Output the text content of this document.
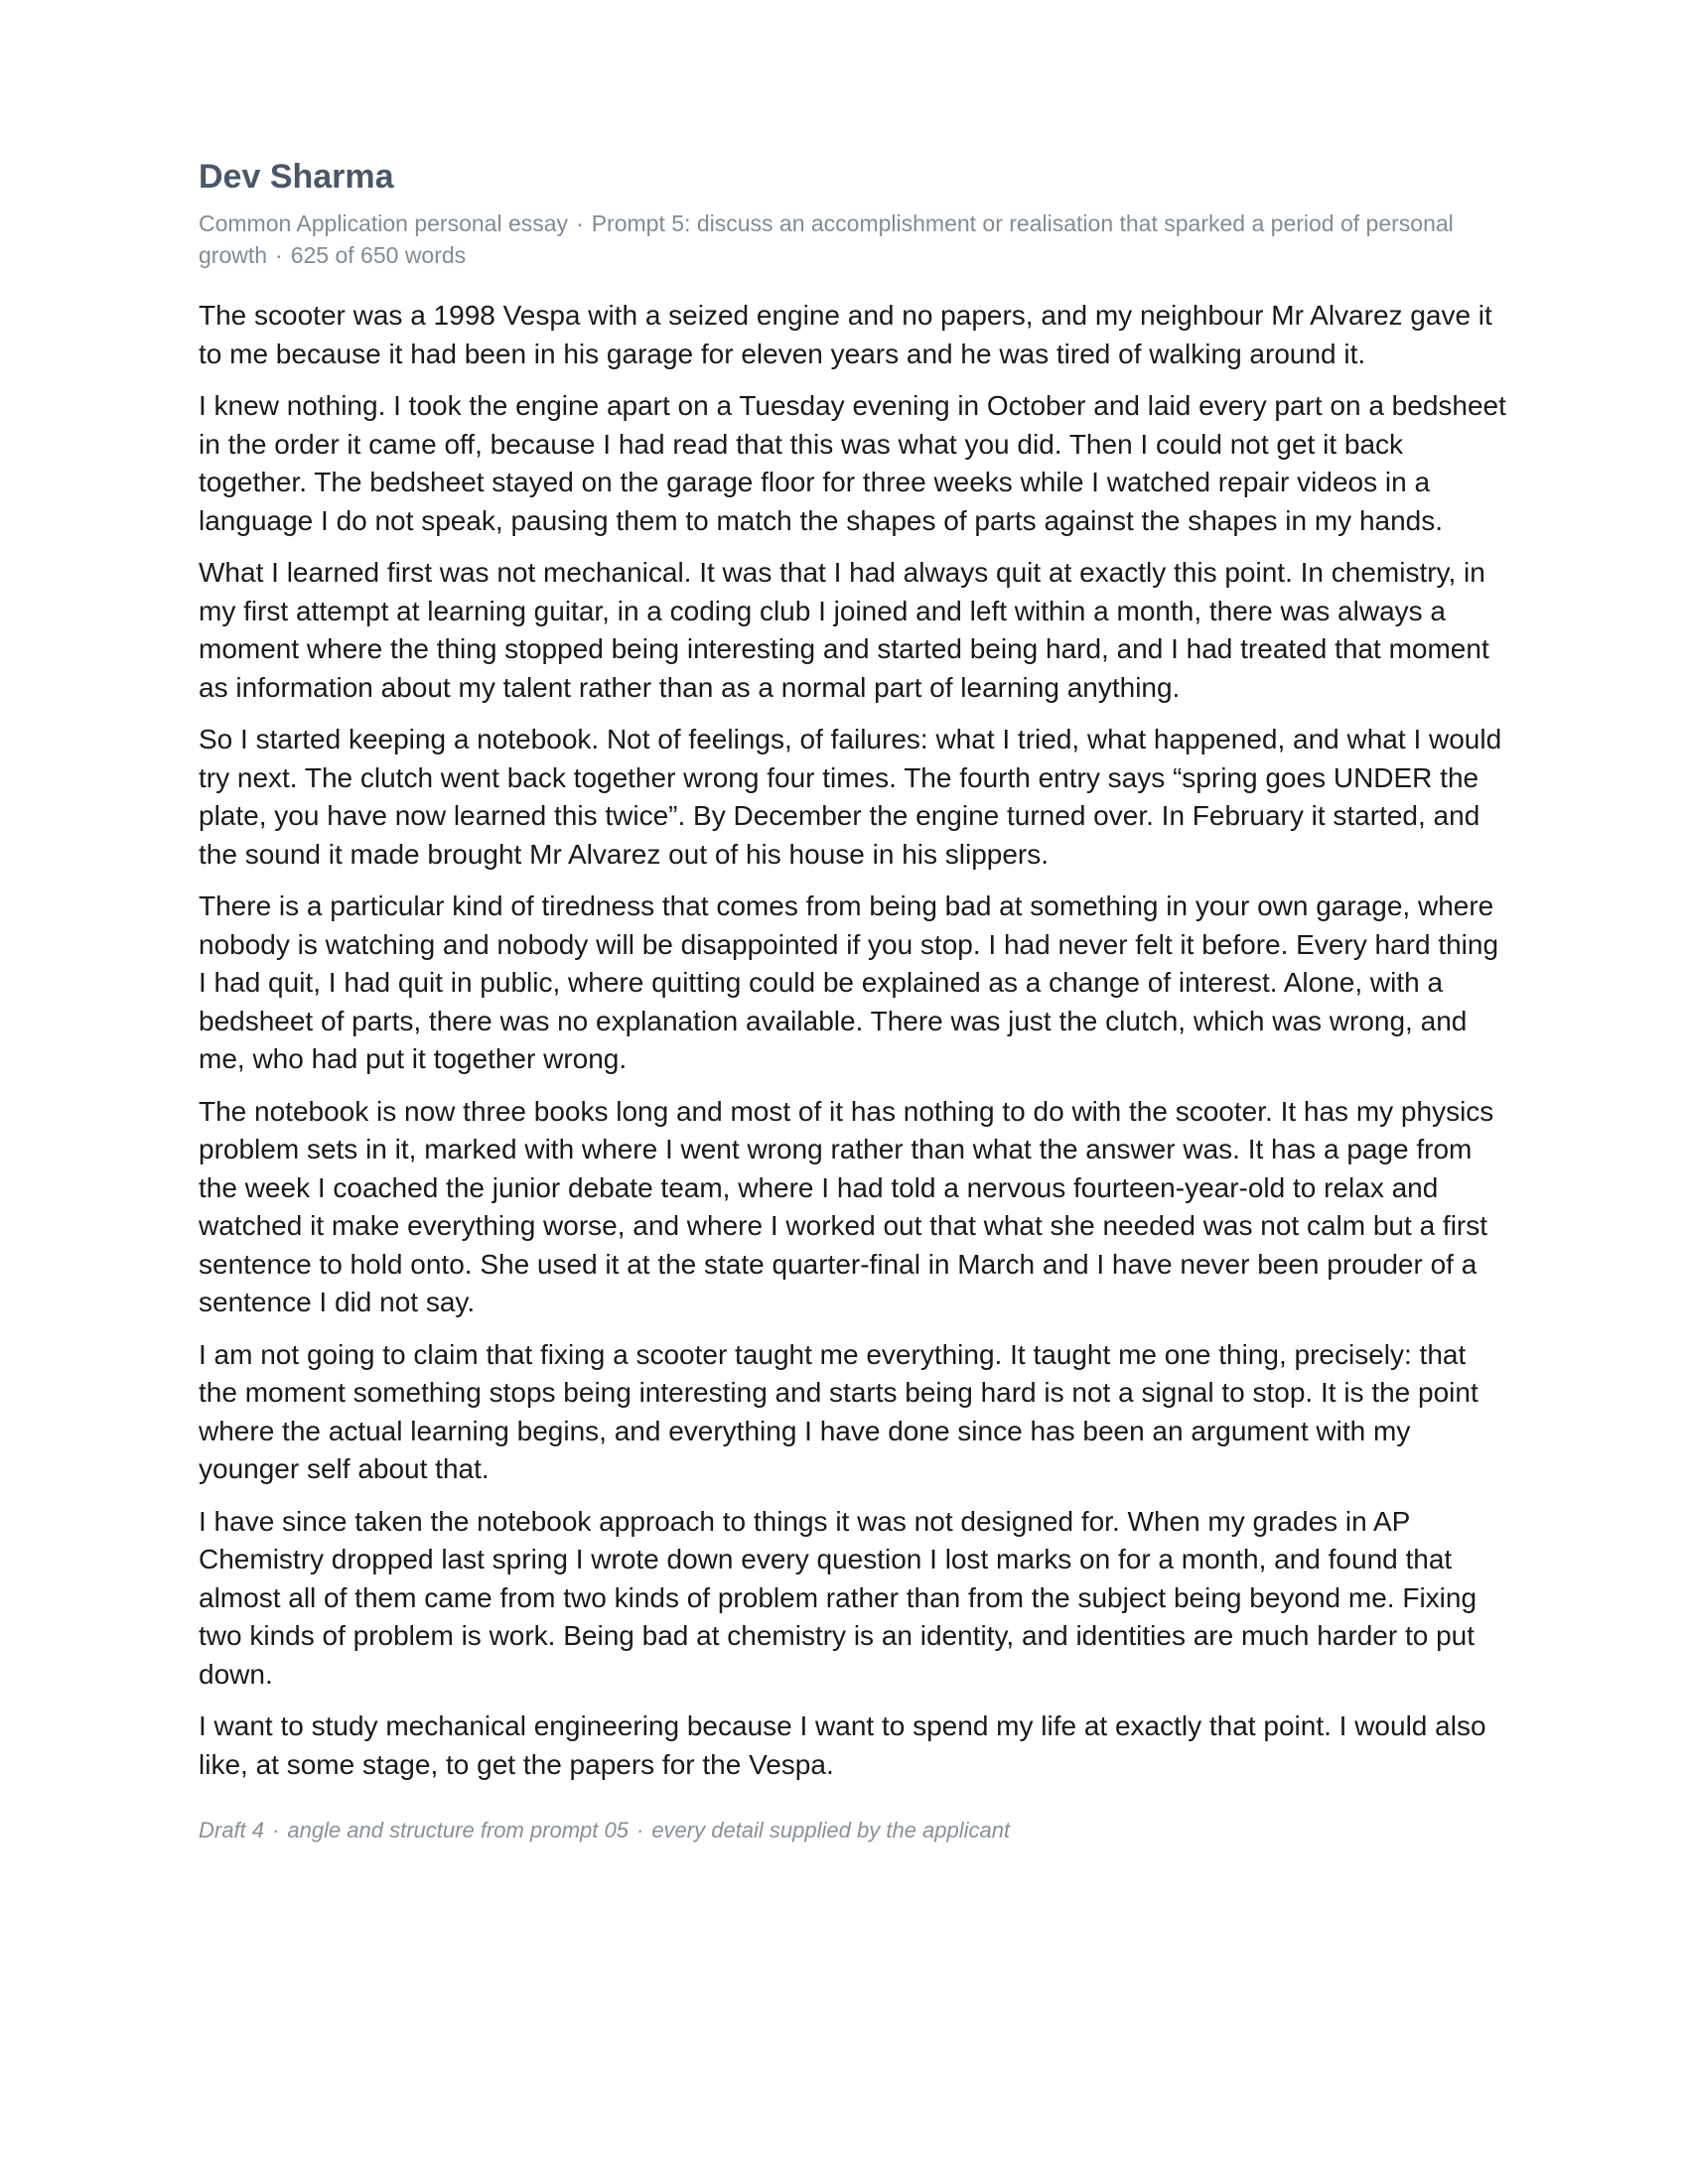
Dev Sharma
Common Application personal essay · Prompt 5: discuss an accomplishment or realisation that sparked a period of personal growth · 625 of 650 words

The scooter was a 1998 Vespa with a seized engine and no papers, and my neighbour Mr Alvarez gave it to me because it had been in his garage for eleven years and he was tired of walking around it.

I knew nothing. I took the engine apart on a Tuesday evening in October and laid every part on a bedsheet in the order it came off, because I had read that this was what you did. Then I could not get it back together. The bedsheet stayed on the garage floor for three weeks while I watched repair videos in a language I do not speak, pausing them to match the shapes of parts against the shapes in my hands.

What I learned first was not mechanical. It was that I had always quit at exactly this point. In chemistry, in my first attempt at learning guitar, in a coding club I joined and left within a month, there was always a moment where the thing stopped being interesting and started being hard, and I had treated that moment as information about my talent rather than as a normal part of learning anything.

So I started keeping a notebook. Not of feelings, of failures: what I tried, what happened, and what I would try next. The clutch went back together wrong four times. The fourth entry says “spring goes UNDER the plate, you have now learned this twice”. By December the engine turned over. In February it started, and the sound it made brought Mr Alvarez out of his house in his slippers.

There is a particular kind of tiredness that comes from being bad at something in your own garage, where nobody is watching and nobody will be disappointed if you stop. I had never felt it before. Every hard thing I had quit, I had quit in public, where quitting could be explained as a change of interest. Alone, with a bedsheet of parts, there was no explanation available. There was just the clutch, which was wrong, and me, who had put it together wrong.

The notebook is now three books long and most of it has nothing to do with the scooter. It has my physics problem sets in it, marked with where I went wrong rather than what the answer was. It has a page from the week I coached the junior debate team, where I had told a nervous fourteen-year-old to relax and watched it make everything worse, and where I worked out that what she needed was not calm but a first sentence to hold onto. She used it at the state quarter-final in March and I have never been prouder of a sentence I did not say.

I am not going to claim that fixing a scooter taught me everything. It taught me one thing, precisely: that the moment something stops being interesting and starts being hard is not a signal to stop. It is the point where the actual learning begins, and everything I have done since has been an argument with my younger self about that.

I have since taken the notebook approach to things it was not designed for. When my grades in AP Chemistry dropped last spring I wrote down every question I lost marks on for a month, and found that almost all of them came from two kinds of problem rather than from the subject being beyond me. Fixing two kinds of problem is work. Being bad at chemistry is an identity, and identities are much harder to put down.

I want to study mechanical engineering because I want to spend my life at exactly that point. I would also like, at some stage, to get the papers for the Vespa.

Draft 4 · angle and structure from prompt 05 · every detail supplied by the applicant
